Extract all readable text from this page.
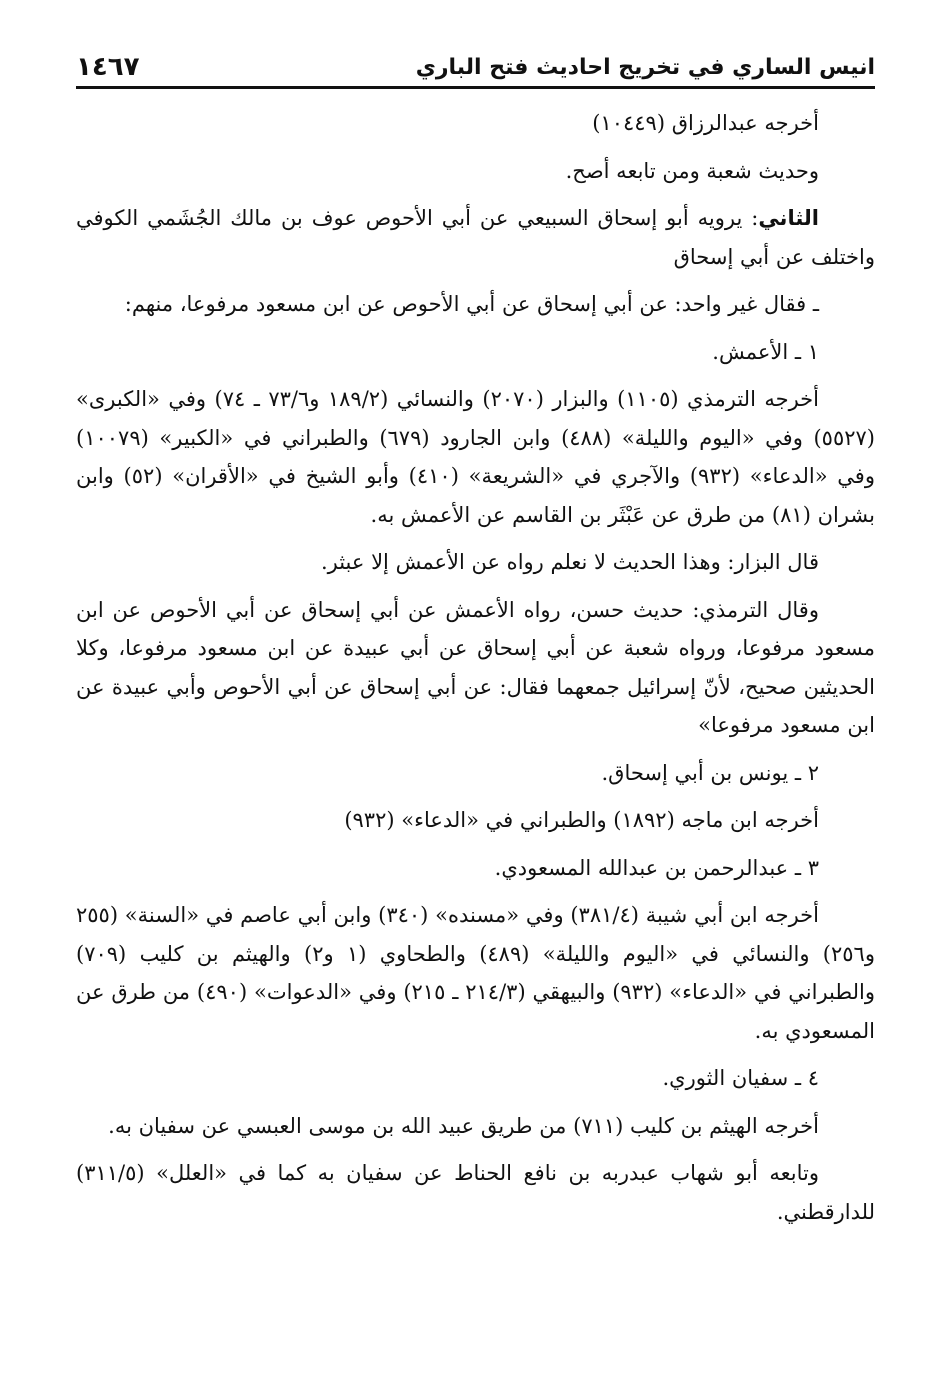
انيس الساري في تخريج احاديث فتح الباري
١٤٦٧

أخرجه عبدالرزاق (١٠٤٤٩)

وحديث شعبة ومن تابعه أصح.

الثاني: يرويه أبو إسحاق السبيعي عن أبي الأحوص عوف بن مالك الجُشَمي الكوفي واختلف عن أبي إسحاق

ـ فقال غير واحد: عن أبي إسحاق عن أبي الأحوص عن ابن مسعود مرفوعا، منهم:

١ ـ الأعمش.

أخرجه الترمذي (١١٠٥) والبزار (٢٠٧٠) والنسائي (١٨٩/٢ و٧٣/٦ ـ ٧٤) وفي «الكبرى» (٥٥٢٧) وفي «اليوم والليلة» (٤٨٨) وابن الجارود (٦٧٩) والطبراني في «الكبير» (١٠٠٧٩) وفي «الدعاء» (٩٣٢) والآجري في «الشريعة» (٤١٠) وأبو الشيخ في «الأقران» (٥٢) وابن بشران (٨١) من طرق عن عَبْثَر بن القاسم عن الأعمش به.

قال البزار: وهذا الحديث لا نعلم رواه عن الأعمش إلا عبثر.

وقال الترمذي: حديث حسن، رواه الأعمش عن أبي إسحاق عن أبي الأحوص عن ابن مسعود مرفوعا، ورواه شعبة عن أبي إسحاق عن أبي عبيدة عن ابن مسعود مرفوعا، وكلا الحديثين صحيح، لأنّ إسرائيل جمعهما فقال: عن أبي إسحاق عن أبي الأحوص وأبي عبيدة عن ابن مسعود مرفوعا»

٢ ـ يونس بن أبي إسحاق.

أخرجه ابن ماجه (١٨٩٢) والطبراني في «الدعاء» (٩٣٢)

٣ ـ عبدالرحمن بن عبدالله المسعودي.

أخرجه ابن أبي شيبة (٣٨١/٤) وفي «مسنده» (٣٤٠) وابن أبي عاصم في «السنة» (٢٥٥ و٢٥٦) والنسائي في «اليوم والليلة» (٤٨٩) والطحاوي (١ و٢) والهيثم بن كليب (٧٠٩) والطبراني في «الدعاء» (٩٣٢) والبيهقي (٢١٤/٣ ـ ٢١٥) وفي «الدعوات» (٤٩٠) من طرق عن المسعودي به.

٤ ـ سفيان الثوري.

أخرجه الهيثم بن كليب (٧١١) من طريق عبيد الله بن موسى العبسي عن سفيان به.

وتابعه أبو شهاب عبدربه بن نافع الحناط عن سفيان به كما في «العلل» (٣١١/٥) للدارقطني.
